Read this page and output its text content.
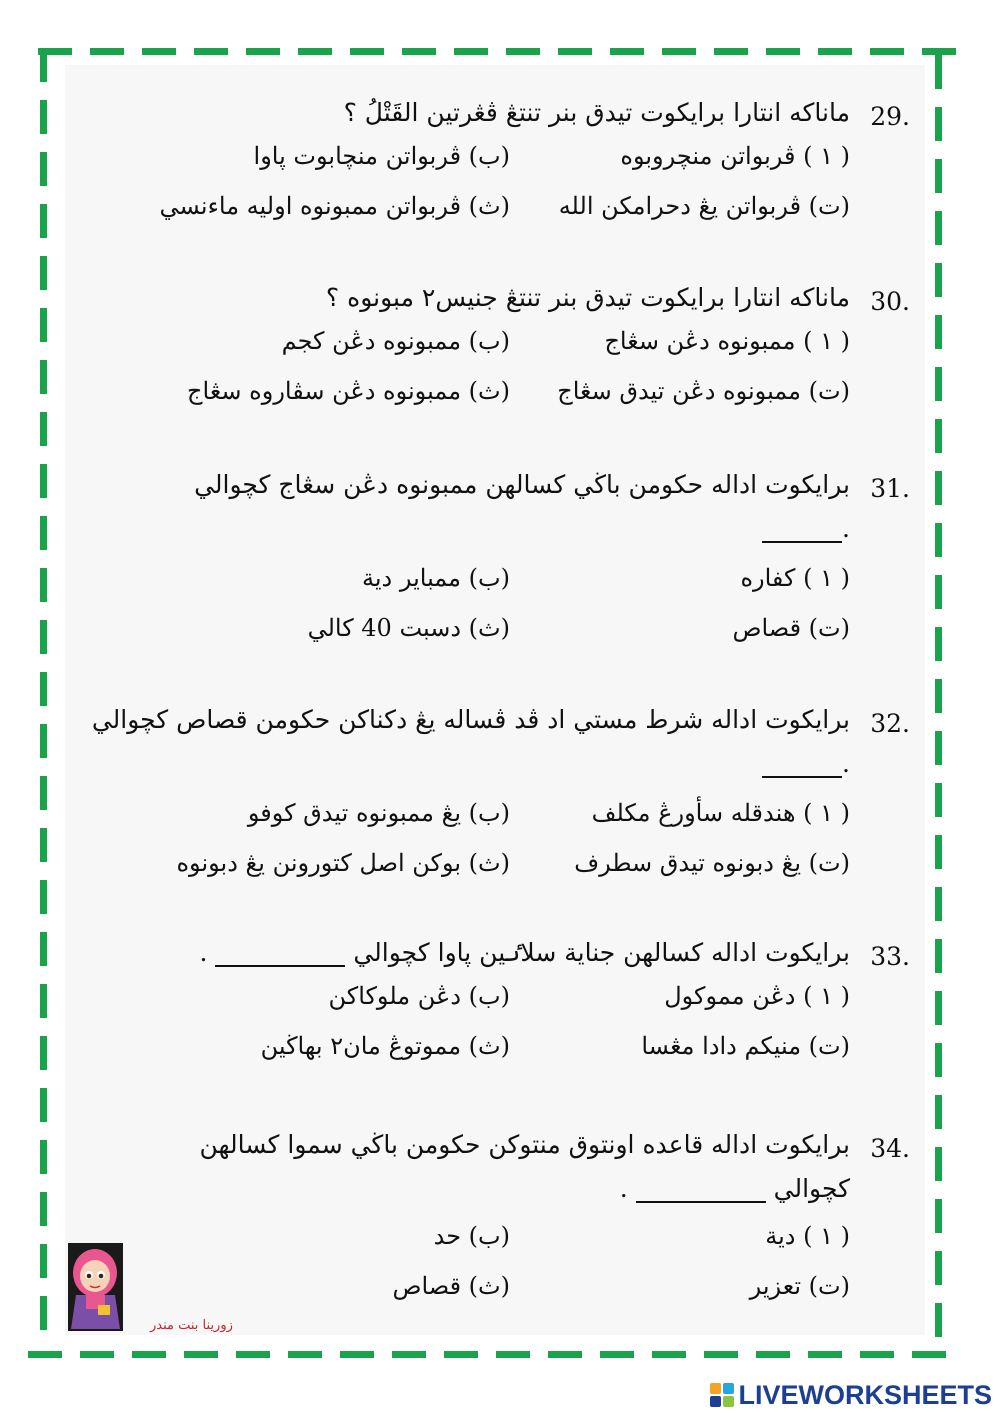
29.
ماناكه انتارا برايكوت تيدق بنر تنتڠ ڤڠرتين القَتْلُ ؟
( ١ ) ڤربواتن منچروبوه
(ب) ڤربواتن منچابوت ڽاوا
(ت) ڤربواتن يڠ دحرامكن الله
(ث) ڤربواتن ممبونوه اوليه ماءنسي
30.
ماناكه انتارا برايكوت تيدق بنر تنتڠ جنيس٢ مبونوه ؟
( ١ ) ممبونوه دڠن سڠاج
(ب) ممبونوه دڠن كجم
(ت) ممبونوه دڠن تيدق سڠاج
(ث) ممبونوه دڠن سڤاروه سڠاج
31.
برايكوت اداله حكومن باڬي كسالهن ممبونوه دڠن سڠاج كچوالي
.
( ١ ) كفاره
(ب) ممباير دية
(ت) قصاص
(ث) دسبت 40 كالي
32.
برايكوت اداله شرط مستي اد ڤد ڤساله يڠ دكناكن حكومن قصاص كچوالي
.
( ١ ) هندقله سأورڠ مكلف
(ب) يڠ ممبونوه تيدق كوفو
(ت) يڠ دبونوه تيدق سطرف
(ث) بوكن اصل كتورونن يڠ دبونوه
33.
برايكوت اداله كسالهن جناية سلاٸين ڽاوا كچوالي  .
( ١ ) دڠن مموكول
(ب) دڠن ملوكاكن
(ت) منيكم دادا مڠسا
(ث) مموتوڠ مان٢ بهاڬين
34.
برايكوت اداله قاعده اونتوق منتوكن حكومن باڬي سموا كسالهن
كچوالي  .
( ١ ) دية
(ب) حد
(ت) تعزير
(ث) قصاص
زورينا بنت مندر
LIVEWORKSHEETS
